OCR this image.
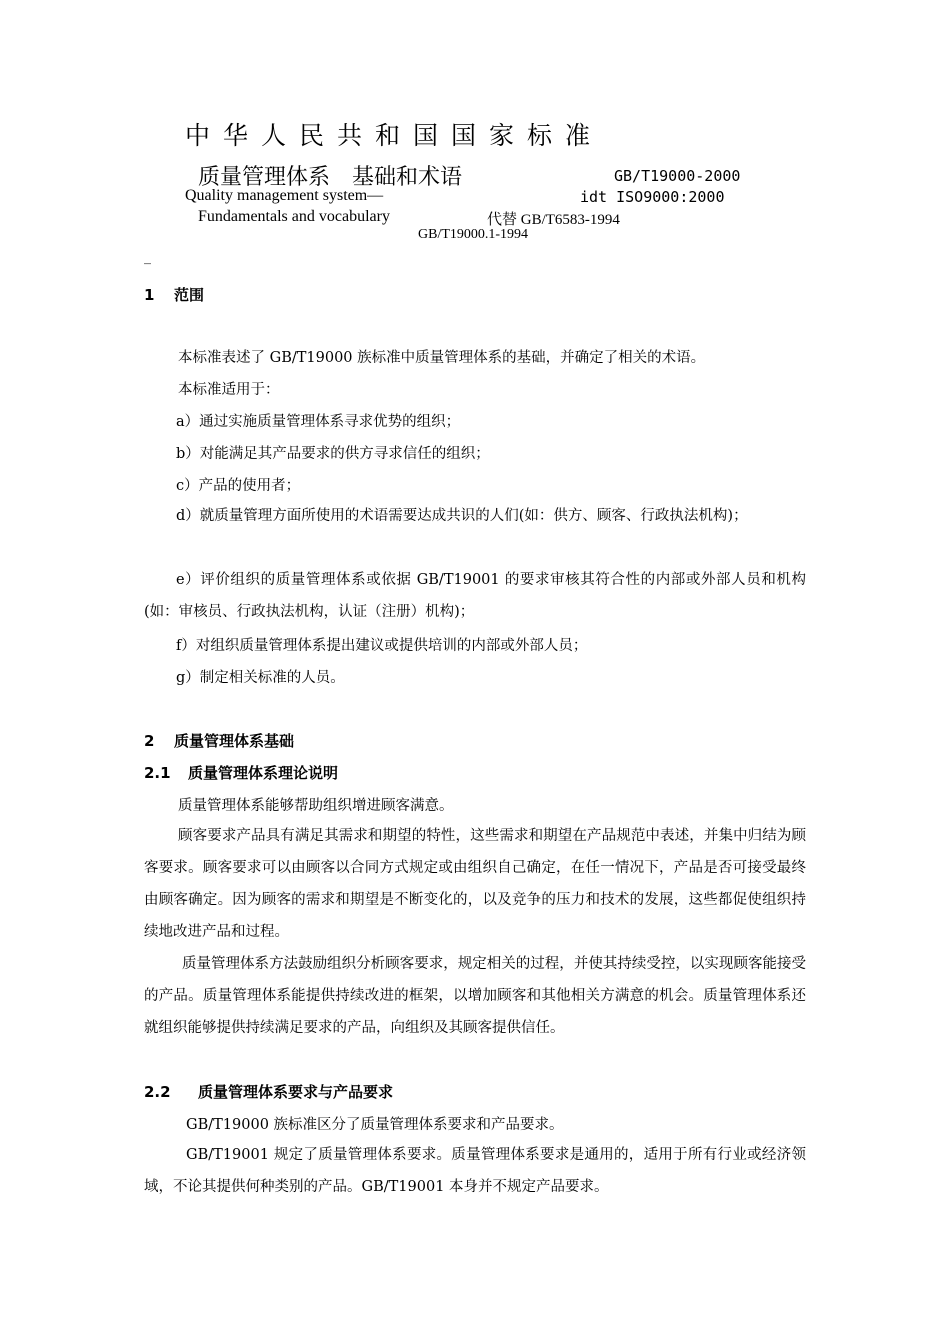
中华人民共和国国家标准
质量管理体系　基础和术语	GB/T19000-2000
Quality management system—	idt ISO9000:2000
Fundamentals and vocabulary	代替 GB/T6583-1994
GB/T19000.1-1994
_
1 范围
本标准表述了 GB/T19000 族标准中质量管理体系的基础，并确定了相关的术语。
本标准适用于：
a）通过实施质量管理体系寻求优势的组织；
b）对能满足其产品要求的供方寻求信任的组织；
c）产品的使用者；
d）就质量管理方面所使用的术语需要达成共识的人们(如：供方、顾客、行政执法机构)；
e）评价组织的质量管理体系或依据 GB/T19001 的要求审核其符合性的内部或外部人员和机构(如：审核员、行政执法机构，认证（注册）机构)；
f）对组织质量管理体系提出建议或提供培训的内部或外部人员；
g）制定相关标准的人员。
2 质量管理体系基础
2.1 质量管理体系理论说明
质量管理体系能够帮助组织增进顾客满意。
顾客要求产品具有满足其需求和期望的特性，这些需求和期望在产品规范中表述，并集中归结为顾客要求。顾客要求可以由顾客以合同方式规定或由组织自己确定，在任一情况下，产品是否可接受最终由顾客确定。因为顾客的需求和期望是不断变化的，以及竞争的压力和技术的发展，这些都促使组织持续地改进产品和过程。
质量管理体系方法鼓励组织分析顾客要求，规定相关的过程，并使其持续受控，以实现顾客能接受的产品。质量管理体系能提供持续改进的框架，以增加顾客和其他相关方满意的机会。质量管理体系还就组织能够提供持续满足要求的产品，向组织及其顾客提供信任。
2.2 质量管理体系要求与产品要求
GB/T19000 族标准区分了质量管理体系要求和产品要求。
GB/T19001 规定了质量管理体系要求。质量管理体系要求是通用的，适用于所有行业或经济领域，不论其提供何种类别的产品。GB/T19001 本身并不规定产品要求。
